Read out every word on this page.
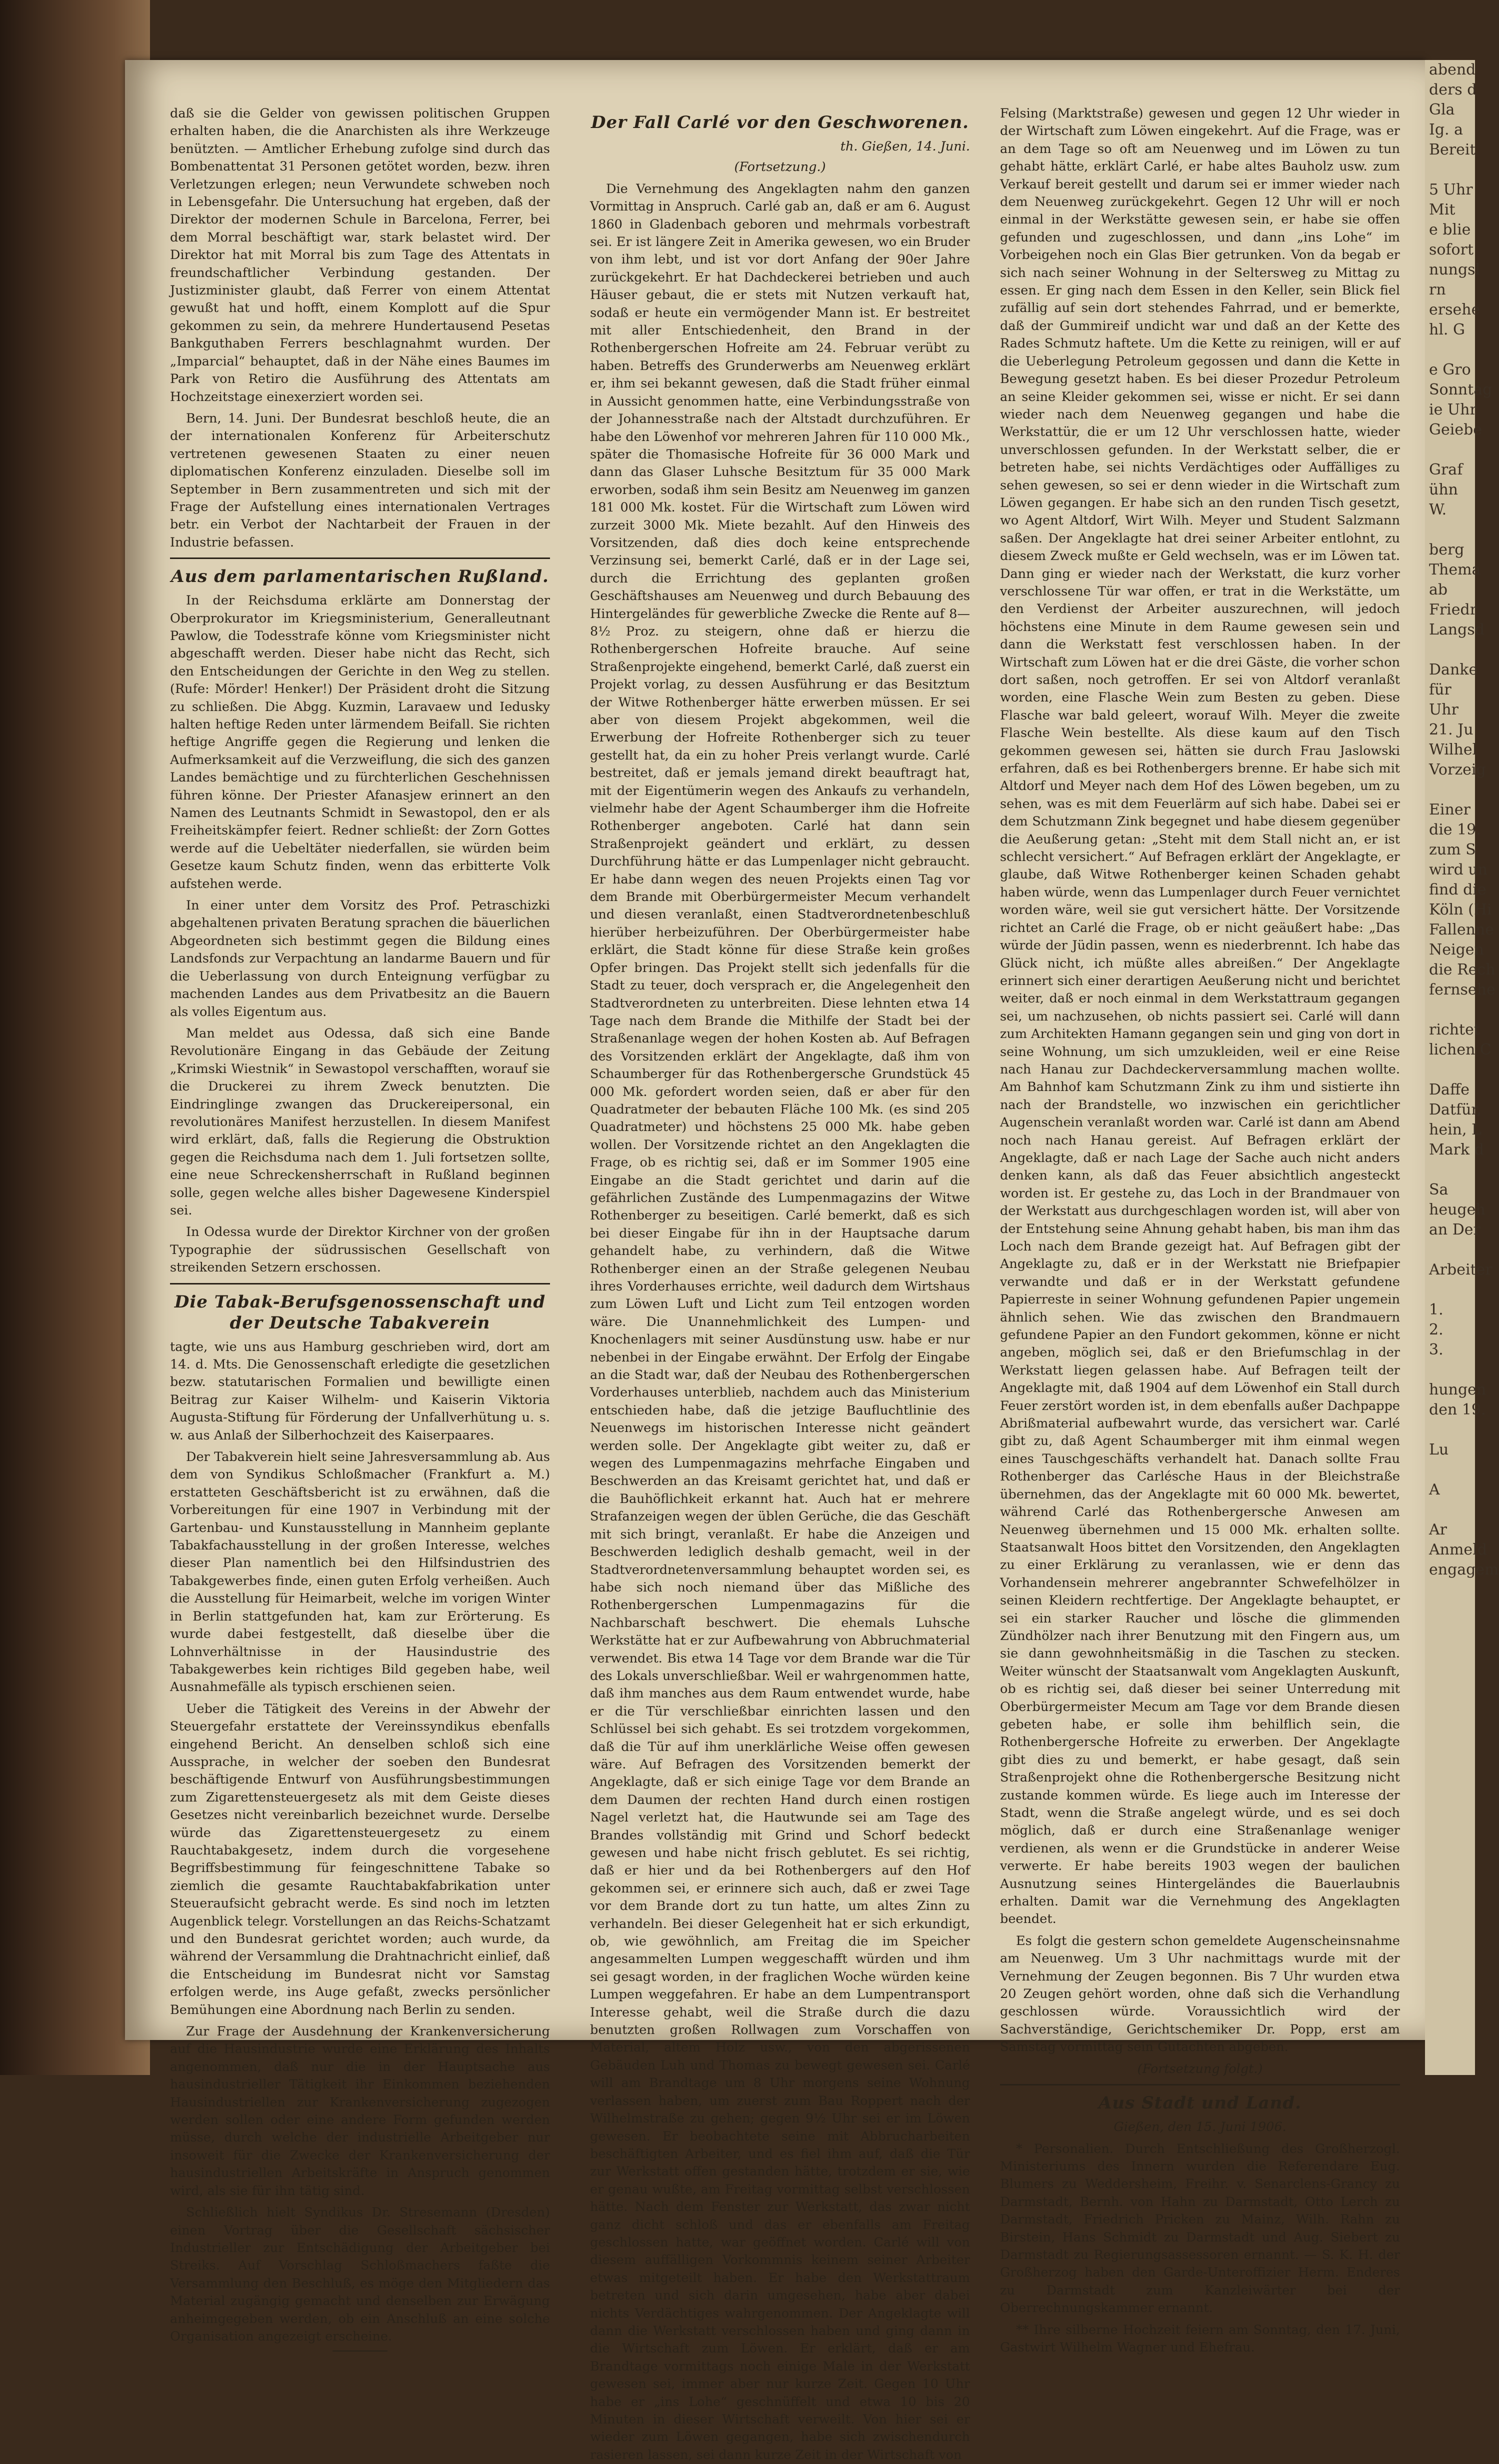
daß sie die Gelder von gewissen politischen Gruppen erhalten haben, die die Anarchisten als ihre Werkzeuge benützten. — Amtlicher Erhebung zufolge sind durch das Bombenattentat 31 Personen getötet worden, bezw. ihren Verletzungen erlegen; neun Verwundete schweben noch in Lebensgefahr. Die Untersuchung hat ergeben, daß der Direktor der modernen Schule in Barcelona, Ferrer, bei dem Morral beschäftigt war, stark belastet wird. Der Direktor hat mit Morral bis zum Tage des Attentats in freundschaftlicher Verbindung gestanden. Der Justizminister glaubt, daß Ferrer von einem Attentat gewußt hat und hofft, einem Komplott auf die Spur gekommen zu sein, da mehrere Hundertausend Pesetas Bankguthaben Ferrers beschlagnahmt wurden. Der „Imparcial“ behauptet, daß in der Nähe eines Baumes im Park von Retiro die Ausführung des Attentats am Hochzeitstage einexerziert worden sei.

Bern, 14. Juni. Der Bundesrat beschloß heute, die an der internationalen Konferenz für Arbeiterschutz vertretenen gewesenen Staaten zu einer neuen diplomatischen Konferenz einzuladen. Dieselbe soll im September in Bern zusammentreten und sich mit der Frage der Aufstellung eines internationalen Vertrages betr. ein Verbot der Nachtarbeit der Frauen in der Industrie befassen.

Aus dem parlamentarischen Rußland.

In der Reichsduma erklärte am Donnerstag der Oberprokurator im Kriegsministerium, Generalleutnant Pawlow, die Todesstrafe könne vom Kriegsminister nicht abgeschafft werden. Dieser habe nicht das Recht, sich den Entscheidungen der Gerichte in den Weg zu stellen. (Rufe: Mörder! Henker!) Der Präsident droht die Sitzung zu schließen. Die Abgg. Kuzmin, Laravaew und Iedusky halten heftige Reden unter lärmendem Beifall. Sie richten heftige Angriffe gegen die Regierung und lenken die Aufmerksamkeit auf die Verzweiflung, die sich des ganzen Landes bemächtige und zu fürchterlichen Geschehnissen führen könne. Der Priester Afanasjew erinnert an den Namen des Leutnants Schmidt in Sewastopol, den er als Freiheitskämpfer feiert. Redner schließt: der Zorn Gottes werde auf die Uebeltäter niederfallen, sie würden beim Gesetze kaum Schutz finden, wenn das erbitterte Volk aufstehen werde.

In einer unter dem Vorsitz des Prof. Petraschizki abgehaltenen privaten Beratung sprachen die bäuerlichen Abgeordneten sich bestimmt gegen die Bildung eines Landsfonds zur Verpachtung an landarme Bauern und für die Ueberlassung von durch Enteignung verfügbar zu machenden Landes aus dem Privatbesitz an die Bauern als volles Eigentum aus.

Man meldet aus Odessa, daß sich eine Bande Revolutionäre Eingang in das Gebäude der Zeitung „Krimski Wiestnik“ in Sewastopol verschafften, worauf sie die Druckerei zu ihrem Zweck benutzten. Die Eindringlinge zwangen das Druckereipersonal, ein revolutionäres Manifest herzustellen. In diesem Manifest wird erklärt, daß, falls die Regierung die Obstruktion gegen die Reichsduma nach dem 1. Juli fortsetzen sollte, eine neue Schreckensherrschaft in Rußland beginnen solle, gegen welche alles bisher Dagewesene Kinderspiel sei.

In Odessa wurde der Direktor Kirchner von der großen Typographie der südrussischen Gesellschaft von streikenden Setzern erschossen.

Die Tabak-Berufsgenossenschaft und der Deutsche Tabakverein

tagte, wie uns aus Hamburg geschrieben wird, dort am 14. d. Mts. Die Genossenschaft erledigte die gesetzlichen bezw. statutarischen Formalien und bewilligte einen Beitrag zur Kaiser Wilhelm- und Kaiserin Viktoria Augusta-Stiftung für Förderung der Unfallverhütung u. s. w. aus Anlaß der Silberhochzeit des Kaiserpaares.

Der Tabakverein hielt seine Jahresversammlung ab. Aus dem von Syndikus Schloßmacher (Frankfurt a. M.) erstatteten Geschäftsbericht ist zu erwähnen, daß die Vorbereitungen für eine 1907 in Verbindung mit der Gartenbau- und Kunstausstellung in Mannheim geplante Tabakfachausstellung in der großen Interesse, welches dieser Plan namentlich bei den Hilfsindustrien des Tabakgewerbes finde, einen guten Erfolg verheißen. Auch die Ausstellung für Heimarbeit, welche im vorigen Winter in Berlin stattgefunden hat, kam zur Erörterung. Es wurde dabei festgestellt, daß dieselbe über die Lohnverhältnisse in der Hausindustrie des Tabakgewerbes kein richtiges Bild gegeben habe, weil Ausnahmefälle als typisch erschienen seien.

Ueber die Tätigkeit des Vereins in der Abwehr der Steuergefahr erstattete der Vereinssyndikus ebenfalls eingehend Bericht. An denselben schloß sich eine Aussprache, in welcher der soeben den Bundesrat beschäftigende Entwurf von Ausführungsbestimmungen zum Zigarettensteuergesetz als mit dem Geiste dieses Gesetzes nicht vereinbarlich bezeichnet wurde. Derselbe würde das Zigarettensteuergesetz zu einem Rauchtabakgesetz, indem durch die vorgesehene Begriffsbestimmung für feingeschnittene Tabake so ziemlich die gesamte Rauchtabakfabrikation unter Steueraufsicht gebracht werde. Es sind noch im letzten Augenblick telegr. Vorstellungen an das Reichs-Schatzamt und den Bundesrat gerichtet worden; auch wurde, da während der Versammlung die Drahtnachricht einlief, daß die Entscheidung im Bundesrat nicht vor Samstag erfolgen werde, ins Auge gefaßt, zwecks persönlicher Bemühungen eine Abordnung nach Berlin zu senden.

Zur Frage der Ausdehnung der Krankenversicherung auf die Hausindustrie wurde eine Erklärung des Inhalts angenommen, daß nur die in der Hauptsache aus hausindustrieller Tätigkeit ihr Einkommen beziehenden Hausindustriellen zur Krankenversicherung zugezogen werden sollen oder eine andere Form gefunden werden müsse, durch welche der industrielle Arbeitgeber nur insoweit für die Zwecke der Krankenversicherung der hausindustriellen Arbeitskräfte in Anspruch genommen wird, als sie für ihn tätig sind.

Schließlich hielt Syndikus Dr. Stresemann (Dresden) einen Vortrag über die Gesellschaft sächsischer Industrieller zur Entschädigung der Arbeitgeber bei Streiks. Auf Vorschlag Schloßmachers faßte die Versammlung den Beschluß, es möge den Mitgliedern das Material zugängig gemacht und denselben zur Erwägung anheimgegeben werden, ob ein Anschluß an eine solche Organisation angezeigt erscheine.

Der Fall Carlé vor den Geschworenen.
th. Gießen, 14. Juni.
(Fortsetzung.)

Die Vernehmung des Angeklagten nahm den ganzen Vormittag in Anspruch. Carlé gab an, daß er am 6. August 1860 in Gladenbach geboren und mehrmals vorbestraft sei. Er ist längere Zeit in Amerika gewesen, wo ein Bruder von ihm lebt, und ist vor dort Anfang der 90er Jahre zurückgekehrt. Er hat Dachdeckerei betrieben und auch Häuser gebaut, die er stets mit Nutzen verkauft hat, sodaß er heute ein vermögender Mann ist. Er bestreitet mit aller Entschiedenheit, den Brand in der Rothenbergerschen Hofreite am 24. Februar verübt zu haben. Betreffs des Grunderwerbs am Neuenweg erklärt er, ihm sei bekannt gewesen, daß die Stadt früher einmal in Aussicht genommen hatte, eine Verbindungsstraße von der Johannesstraße nach der Altstadt durchzuführen. Er habe den Löwenhof vor mehreren Jahren für 110 000 Mk., später die Thomasische Hofreite für 36 000 Mark und dann das Glaser Luhsche Besitztum für 35 000 Mark erworben, sodaß ihm sein Besitz am Neuenweg im ganzen 181 000 Mk. kostet. Für die Wirtschaft zum Löwen wird zurzeit 3000 Mk. Miete bezahlt. Auf den Hinweis des Vorsitzenden, daß dies doch keine entsprechende Verzinsung sei, bemerkt Carlé, daß er in der Lage sei, durch die Errichtung des geplanten großen Geschäftshauses am Neuenweg und durch Bebauung des Hintergeländes für gewerbliche Zwecke die Rente auf 8—8½ Proz. zu steigern, ohne daß er hierzu die Rothenbergerschen Hofreite brauche. Auf seine Straßenprojekte eingehend, bemerkt Carlé, daß zuerst ein Projekt vorlag, zu dessen Ausführung er das Besitztum der Witwe Rothenberger hätte erwerben müssen. Er sei aber von diesem Projekt abgekommen, weil die Erwerbung der Hofreite Rothenberger sich zu teuer gestellt hat, da ein zu hoher Preis verlangt wurde. Carlé bestreitet, daß er jemals jemand direkt beauftragt hat, mit der Eigentümerin wegen des Ankaufs zu verhandeln, vielmehr habe der Agent Schaumberger ihm die Hofreite Rothenberger angeboten. Carlé hat dann sein Straßenprojekt geändert und erklärt, zu dessen Durchführung hätte er das Lumpenlager nicht gebraucht. Er habe dann wegen des neuen Projekts einen Tag vor dem Brande mit Oberbürgermeister Mecum verhandelt und diesen veranlaßt, einen Stadtverordnetenbeschluß hierüber herbeizuführen. Der Oberbürgermeister habe erklärt, die Stadt könne für diese Straße kein großes Opfer bringen. Das Projekt stellt sich jedenfalls für die Stadt zu teuer, doch versprach er, die Angelegenheit den Stadtverordneten zu unterbreiten. Diese lehnten etwa 14 Tage nach dem Brande die Mithilfe der Stadt bei der Straßenanlage wegen der hohen Kosten ab. Auf Befragen des Vorsitzenden erklärt der Angeklagte, daß ihm von Schaumberger für das Rothenbergersche Grundstück 45 000 Mk. gefordert worden seien, daß er aber für den Quadratmeter der bebauten Fläche 100 Mk. (es sind 205 Quadratmeter) und höchstens 25 000 Mk. habe geben wollen. Der Vorsitzende richtet an den Angeklagten die Frage, ob es richtig sei, daß er im Sommer 1905 eine Eingabe an die Stadt gerichtet und darin auf die gefährlichen Zustände des Lumpenmagazins der Witwe Rothenberger zu beseitigen. Carlé bemerkt, daß es sich bei dieser Eingabe für ihn in der Hauptsache darum gehandelt habe, zu verhindern, daß die Witwe Rothenberger einen an der Straße gelegenen Neubau ihres Vorderhauses errichte, weil dadurch dem Wirtshaus zum Löwen Luft und Licht zum Teil entzogen worden wäre. Die Unannehmlichkeit des Lumpen- und Knochenlagers mit seiner Ausdünstung usw. habe er nur nebenbei in der Eingabe erwähnt. Der Erfolg der Eingabe an die Stadt war, daß der Neubau des Rothenbergerschen Vorderhauses unterblieb, nachdem auch das Ministerium entschieden habe, daß die jetzige Baufluchtlinie des Neuenwegs im historischen Interesse nicht geändert werden solle. Der Angeklagte gibt weiter zu, daß er wegen des Lumpenmagazins mehrfache Eingaben und Beschwerden an das Kreisamt gerichtet hat, und daß er die Bauhöflichkeit erkannt hat. Auch hat er mehrere Strafanzeigen wegen der üblen Gerüche, die das Geschäft mit sich bringt, veranlaßt. Er habe die Anzeigen und Beschwerden lediglich deshalb gemacht, weil in der Stadtverordnetenversammlung behauptet worden sei, es habe sich noch niemand über das Mißliche des Rothenbergerschen Lumpenmagazins für die Nachbarschaft beschwert. Die ehemals Luhsche Werkstätte hat er zur Aufbewahrung von Abbruchmaterial verwendet. Bis etwa 14 Tage vor dem Brande war die Tür des Lokals unverschließbar. Weil er wahrgenommen hatte, daß ihm manches aus dem Raum entwendet wurde, habe er die Tür verschließbar einrichten lassen und den Schlüssel bei sich gehabt. Es sei trotzdem vorgekommen, daß die Tür auf ihm unerklärliche Weise offen gewesen wäre. Auf Befragen des Vorsitzenden bemerkt der Angeklagte, daß er sich einige Tage vor dem Brande an dem Daumen der rechten Hand durch einen rostigen Nagel verletzt hat, die Hautwunde sei am Tage des Brandes vollständig mit Grind und Schorf bedeckt gewesen und habe nicht frisch geblutet. Es sei richtig, daß er hier und da bei Rothenbergers auf den Hof gekommen sei, er erinnere sich auch, daß er zwei Tage vor dem Brande dort zu tun hatte, um altes Zinn zu verhandeln. Bei dieser Gelegenheit hat er sich erkundigt, ob, wie gewöhnlich, am Freitag die im Speicher angesammelten Lumpen weggeschafft würden und ihm sei gesagt worden, in der fraglichen Woche würden keine Lumpen weggefahren. Er habe an dem Lumpentransport Interesse gehabt, weil die Straße durch die dazu benutzten großen Rollwagen zum Vorschaffen von Material, altem Holz usw., von den abgerissenen Gebäuden Luh und Thomas zu bewegt gewesen sei. Carlé will am Brandtage um 8 Uhr morgens seine Wohnung verlassen haben, um zuerst zum Bau Roppert nach der Wilhelmstraße zu gehen; gegen 9½ Uhr sei er im Löwen gewesen. Er beobachtete seine mit Abbrucharbeiten beschäftigten Arbeiter, und es fiel ihm auf, daß die Tür zur Werkstatt offen gestanden hätte, trotzdem er sie, wie er genau wußte, am Freitag vormittag selbst verschlossen hätte. Nach dem Fenster zur Werkstatt, das zwar nicht ganz dicht schloß und das er ebenfalls am Freitag geschlossen hatte, war geöffnet worden. Carlé will von diesem auffälligen Vorkommnis keinem seiner Arbeiter etwas mitgeteilt haben. Er habe den Werkstattraum betreten und sich darin umgesehen, habe aber dabei nichts Verdächtiges wahrgenommen. Der Angeklagte will dann die Werkstatt verschlossen haben und ging dann in die Wirtschaft zum Löwen. Er erklärt, daß er am Brandtage vormittags noch einige Male in der Werkstatt gewesen sei, immer aber nur kurze Zeit. Gegen 10 Uhr habe er „ins Lohe“ geschnüffelt und etwa 10 bis 20 Minuten in dieser Wirtschaft verweilt. Von hier sei er wieder zum Löwen gegangen, habe sich zwischendurch rasieren lassen, sei dann kurze Zeit in der Wirtschaft von

Felsing (Marktstraße) gewesen und gegen 12 Uhr wieder in der Wirtschaft zum Löwen eingekehrt. Auf die Frage, was er an dem Tage so oft am Neuenweg und im Löwen zu tun gehabt hätte, erklärt Carlé, er habe altes Bauholz usw. zum Verkauf bereit gestellt und darum sei er immer wieder nach dem Neuenweg zurückgekehrt. Gegen 12 Uhr will er noch einmal in der Werkstätte gewesen sein, er habe sie offen gefunden und zugeschlossen, und dann „ins Lohe“ im Vorbeigehen noch ein Glas Bier getrunken. Von da begab er sich nach seiner Wohnung in der Seltersweg zu Mittag zu essen. Er ging nach dem Essen in den Keller, sein Blick fiel zufällig auf sein dort stehendes Fahrrad, und er bemerkte, daß der Gummireif undicht war und daß an der Kette des Rades Schmutz haftete. Um die Kette zu reinigen, will er auf die Ueberlegung Petroleum gegossen und dann die Kette in Bewegung gesetzt haben. Es bei dieser Prozedur Petroleum an seine Kleider gekommen sei, wisse er nicht. Er sei dann wieder nach dem Neuenweg gegangen und habe die Werkstattür, die er um 12 Uhr verschlossen hatte, wieder unverschlossen gefunden. In der Werkstatt selber, die er betreten habe, sei nichts Verdächtiges oder Auffälliges zu sehen gewesen, so sei er denn wieder in die Wirtschaft zum Löwen gegangen. Er habe sich an den runden Tisch gesetzt, wo Agent Altdorf, Wirt Wilh. Meyer und Student Salzmann saßen. Der Angeklagte hat drei seiner Arbeiter entlohnt, zu diesem Zweck mußte er Geld wechseln, was er im Löwen tat. Dann ging er wieder nach der Werkstatt, die kurz vorher verschlossene Tür war offen, er trat in die Werkstätte, um den Verdienst der Arbeiter auszurechnen, will jedoch höchstens eine Minute in dem Raume gewesen sein und dann die Werkstatt fest verschlossen haben. In der Wirtschaft zum Löwen hat er die drei Gäste, die vorher schon dort saßen, noch getroffen. Er sei von Altdorf veranlaßt worden, eine Flasche Wein zum Besten zu geben. Diese Flasche war bald geleert, worauf Wilh. Meyer die zweite Flasche Wein bestellte. Als diese kaum auf den Tisch gekommen gewesen sei, hätten sie durch Frau Jaslowski erfahren, daß es bei Rothenbergers brenne. Er habe sich mit Altdorf und Meyer nach dem Hof des Löwen begeben, um zu sehen, was es mit dem Feuerlärm auf sich habe. Dabei sei er dem Schutzmann Zink begegnet und habe diesem gegenüber die Aeußerung getan: „Steht mit dem Stall nicht an, er ist schlecht versichert.“ Auf Befragen erklärt der Angeklagte, er glaube, daß Witwe Rothenberger keinen Schaden gehabt haben würde, wenn das Lumpenlager durch Feuer vernichtet worden wäre, weil sie gut versichert hätte. Der Vorsitzende richtet an Carlé die Frage, ob er nicht geäußert habe: „Das würde der Jüdin passen, wenn es niederbrennt. Ich habe das Glück nicht, ich müßte alles abreißen.“ Der Angeklagte erinnert sich einer derartigen Aeußerung nicht und berichtet weiter, daß er noch einmal in dem Werkstattraum gegangen sei, um nachzusehen, ob nichts passiert sei. Carlé will dann zum Architekten Hamann gegangen sein und ging von dort in seine Wohnung, um sich umzukleiden, weil er eine Reise nach Hanau zur Dachdeckerversammlung machen wollte. Am Bahnhof kam Schutzmann Zink zu ihm und sistierte ihn nach der Brandstelle, wo inzwischen ein gerichtlicher Augenschein veranlaßt worden war. Carlé ist dann am Abend noch nach Hanau gereist. Auf Befragen erklärt der Angeklagte, daß er nach Lage der Sache auch nicht anders denken kann, als daß das Feuer absichtlich angesteckt worden ist. Er gestehe zu, das Loch in der Brandmauer von der Werkstatt aus durchgeschlagen worden ist, will aber von der Entstehung seine Ahnung gehabt haben, bis man ihm das Loch nach dem Brande gezeigt hat. Auf Befragen gibt der Angeklagte zu, daß er in der Werkstatt nie Briefpapier verwandte und daß er in der Werkstatt gefundene Papierreste in seiner Wohnung gefundenen Papier ungemein ähnlich sehen. Wie das zwischen den Brandmauern gefundene Papier an den Fundort gekommen, könne er nicht angeben, möglich sei, daß er den Briefumschlag in der Werkstatt liegen gelassen habe. Auf Befragen teilt der Angeklagte mit, daß 1904 auf dem Löwenhof ein Stall durch Feuer zerstört worden ist, in dem ebenfalls außer Dachpappe Abrißmaterial aufbewahrt wurde, das versichert war. Carlé gibt zu, daß Agent Schaumberger mit ihm einmal wegen eines Tauschgeschäfts verhandelt hat. Danach sollte Frau Rothenberger das Carlésche Haus in der Bleichstraße übernehmen, das der Angeklagte mit 60 000 Mk. bewertet, während Carlé das Rothenbergersche Anwesen am Neuenweg übernehmen und 15 000 Mk. erhalten sollte. Staatsanwalt Hoos bittet den Vorsitzenden, den Angeklagten zu einer Erklärung zu veranlassen, wie er denn das Vorhandensein mehrerer angebrannter Schwefelhölzer in seinen Kleidern rechtfertige. Der Angeklagte behauptet, er sei ein starker Raucher und lösche die glimmenden Zündhölzer nach ihrer Benutzung mit den Fingern aus, um sie dann gewohnheitsmäßig in die Taschen zu stecken. Weiter wünscht der Staatsanwalt vom Angeklagten Auskunft, ob es richtig sei, daß dieser bei seiner Unterredung mit Oberbürgermeister Mecum am Tage vor dem Brande diesen gebeten habe, er solle ihm behilflich sein, die Rothenbergersche Hofreite zu erwerben. Der Angeklagte gibt dies zu und bemerkt, er habe gesagt, daß sein Straßenprojekt ohne die Rothenbergersche Besitzung nicht zustande kommen würde. Es liege auch im Interesse der Stadt, wenn die Straße angelegt würde, und es sei doch möglich, daß er durch eine Straßenanlage weniger verdienen, als wenn er die Grundstücke in anderer Weise verwerte. Er habe bereits 1903 wegen der baulichen Ausnutzung seines Hintergeländes die Bauerlaubnis erhalten. Damit war die Vernehmung des Angeklagten beendet.

Es folgt die gestern schon gemeldete Augenscheinsnahme am Neuenweg. Um 3 Uhr nachmittags wurde mit der Vernehmung der Zeugen begonnen. Bis 7 Uhr wurden etwa 20 Zeugen gehört worden, ohne daß sich die Verhandlung geschlossen würde. Voraussichtlich wird der Sachverständige, Gerichtschemiker Dr. Popp, erst am Samstag vormittag sein Gutachten abgeben.

(Fortsetzung folgt.)
Aus Stadt und Land.
Gießen, den 15. Juni 1906.

* Personalien. Durch Entschließung des Großherzogl. Ministeriums des Innern wurden die Referendare Eug. Blumers zu Weddersheim, Freihr. v. Senarclens-Grancy zu Darmstadt, Bernh. von Hahn zu Darmstadt, Otto Lerch zu Darmstadt, Friedrich Pricken zu Mainz, Wilh. Rahn zu Birstein, Hans Schmidt zu Darmstadt und Aug. Siebert zu Darmstadt zu Regierungsassessoren ernannt. — S. K. H. der Großherzog haben den Garde-Unteroffizier Herm. Enderes zu Darmstadt zum Kanzleiwärter bei der Oberrechnungskammer ernannt.

** Ihre silberne Hochzeit feiern am Sonntag, den 17. Juni, Gastwirt Wilhelm Wagner und Ehefrau.

abend
ders d
Gla
Ig. a
Bereit

5 Uhr
Mit
e blie
sofort
nungsl
rn
ersehe
hl. G

e Gro
Sonntag
ie Uhr
Geiebe

Graf
ühn
W.

berg
Thema
ab
Friedr
Langsd

Danke
für
Uhr
21. Ju
Wilhel
Vorzeig

Einer
die 19.
zum S
wird un
find die
Köln (Hi
Fallenne
Neigen
die Rech
fernsehe

richtet
lichen C

Daffe
Datfür,
hein, L
Mark d

Sa
heugeh
an Der

Arbeiter

1.
2.
3.

hungen
den 19.

Lu

A

Ar
Anmeld
engagem
